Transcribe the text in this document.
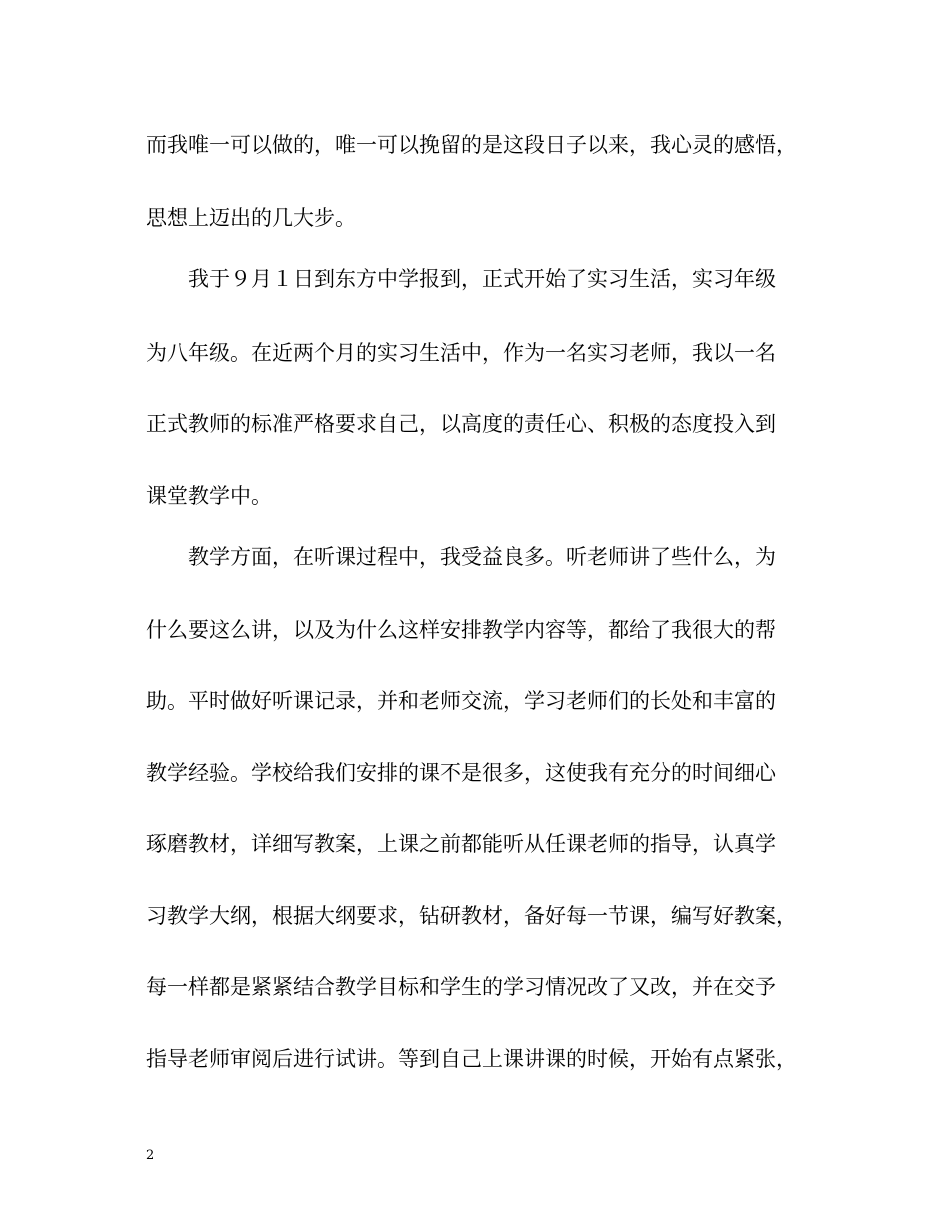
而我唯一可以做的，唯一可以挽留的是这段日子以来，我心灵的感悟，
思想上迈出的几大步。
我于９月１日到东方中学报到，正式开始了实习生活，实习年级
为八年级。在近两个月的实习生活中，作为一名实习老师，我以一名
正式教师的标准严格要求自己，以高度的责任心、积极的态度投入到
课堂教学中。
教学方面，在听课过程中，我受益良多。听老师讲了些什么，为
什么要这么讲，以及为什么这样安排教学内容等，都给了我很大的帮
助。平时做好听课记录，并和老师交流，学习老师们的长处和丰富的
教学经验。学校给我们安排的课不是很多，这使我有充分的时间细心
琢磨教材，详细写教案，上课之前都能听从任课老师的指导，认真学
习教学大纲，根据大纲要求，钻研教材，备好每一节课，编写好教案，
每一样都是紧紧结合教学目标和学生的学习情况改了又改，并在交予
指导老师审阅后进行试讲。等到自己上课讲课的时候，开始有点紧张，
2
